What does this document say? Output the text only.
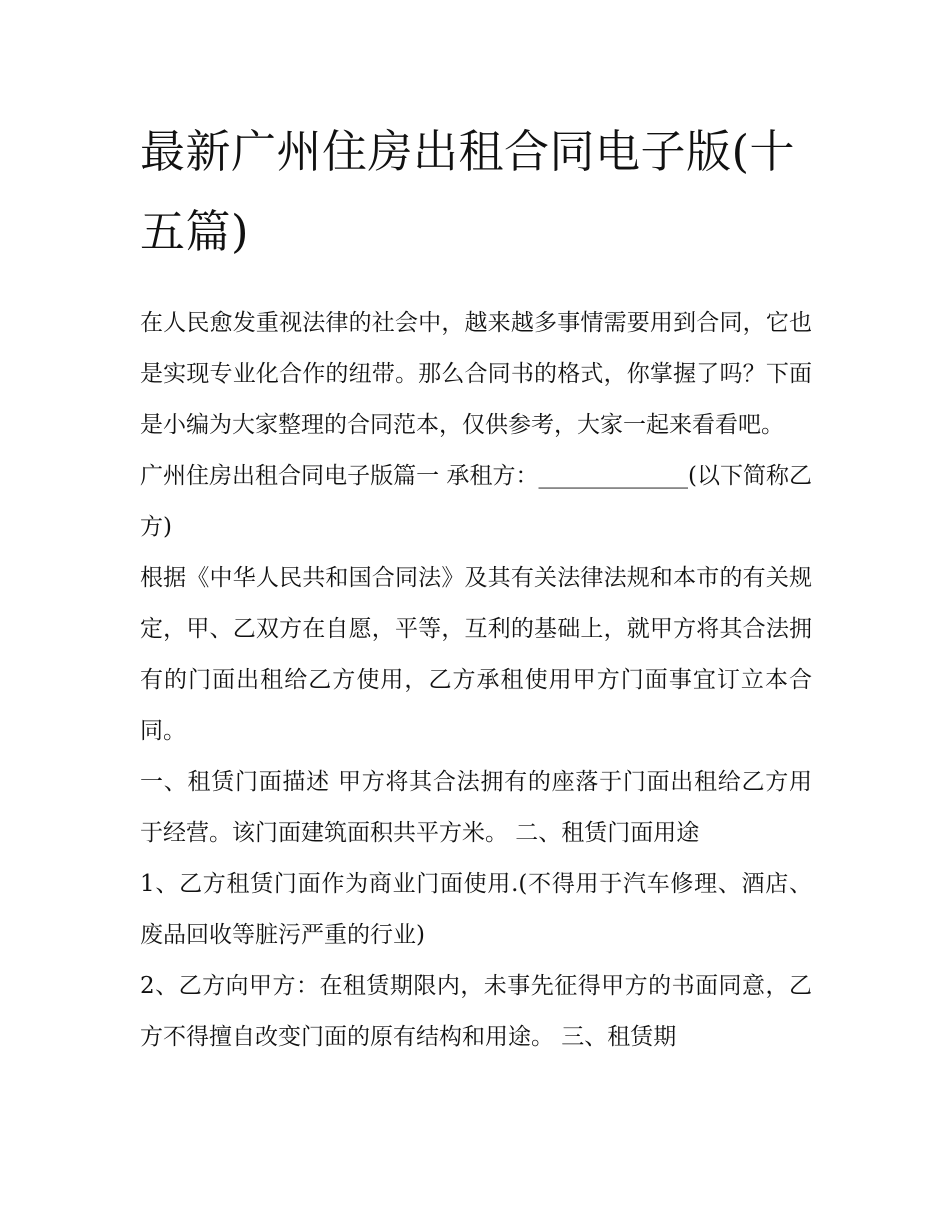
最新广州住房出租合同电子版(十五篇)

在人民愈发重视法律的社会中，越来越多事情需要用到合同，它也是实现专业化合作的纽带。那么合同书的格式，你掌握了吗？下面是小编为大家整理的合同范本，仅供参考，大家一起来看看吧。

广州住房出租合同电子版篇一 承租方：_____________(以下简称乙方)

根据《中华人民共和国合同法》及其有关法律法规和本市的有关规定，甲、乙双方在自愿，平等，互利的基础上，就甲方将其合法拥有的门面出租给乙方使用，乙方承租使用甲方门面事宜订立本合同。

一、租赁门面描述 甲方将其合法拥有的座落于门面出租给乙方用于经营。该门面建筑面积共平方米。 二、租赁门面用途

1、乙方租赁门面作为商业门面使用.(不得用于汽车修理、酒店、废品回收等脏污严重的行业)

2、乙方向甲方：在租赁期限内，未事先征得甲方的书面同意，乙方不得擅自改变门面的原有结构和用途。 三、租赁期
